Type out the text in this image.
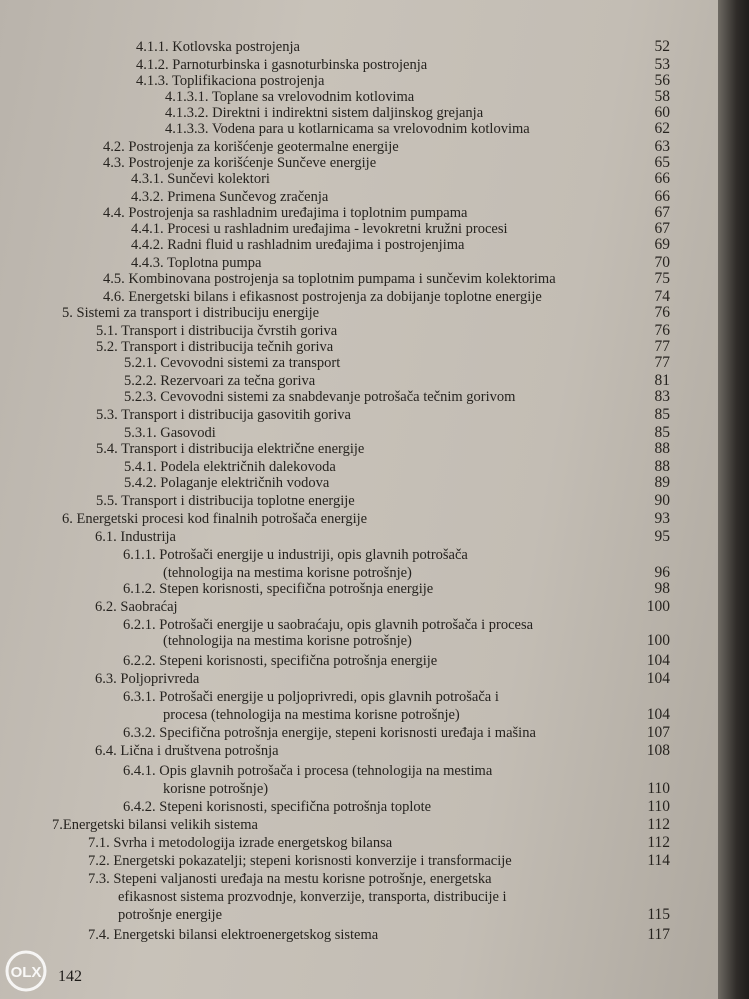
4.1.1. Kotlovska postrojenja	52
4.1.2. Parnoturbinska i gasnoturbinska postrojenja	53
4.1.3. Toplifikaciona postrojenja	56
4.1.3.1. Toplane sa vrelovodnim kotlovima	58
4.1.3.2. Direktni i indirektni sistem daljinskog grejanja	60
4.1.3.3. Vodena para u kotlarnicama sa vrelovodnim kotlovima	62
4.2. Postrojenja za korišćenje geotermalne energije	63
4.3. Postrojenje za korišćenje Sunčeve energije	65
4.3.1. Sunčevi kolektori	66
4.3.2. Primena Sunčevog zračenja	66
4.4. Postrojenja sa rashladnim uređajima i toplotnim pumpama	67
4.4.1. Procesi u rashladnim uređajima - levokretni kružni procesi	67
4.4.2. Radni fluid u rashladnim uređajima i postrojenjima	69
4.4.3. Toplotna pumpa	70
4.5. Kombinovana postrojenja sa toplotnim pumpama i sunčevim kolektorima	75
4.6. Energetski bilans i efikasnost postrojenja za dobijanje toplotne energije	74
5. Sistemi za transport i distribuciju energije	76
5.1. Transport i distribucija čvrstih goriva	76
5.2. Transport i distribucija tečnih goriva	77
5.2.1. Cevovodni sistemi za transport	77
5.2.2. Rezervoari za tečna goriva	81
5.2.3. Cevovodni sistemi za snabdevanje potrošača tečnim gorivom	83
5.3. Transport i distribucija gasovitih goriva	85
5.3.1. Gasovodi	85
5.4. Transport i distribucija električne energije	88
5.4.1. Podela električnih dalekovoda	88
5.4.2. Polaganje električnih vodova	89
5.5. Transport i distribucija toplotne energije	90
6. Energetski procesi kod finalnih potrošača energije	93
6.1. Industrija	95
6.1.1. Potrošači energije u industriji, opis glavnih potrošača
(tehnologija na mestima korisne potrošnje)	96
6.1.2. Stepen korisnosti, specifična potrošnja energije	98
6.2. Saobraćaj	100
6.2.1. Potrošači energije u saobraćaju, opis glavnih potrošača i procesa
(tehnologija na mestima korisne potrošnje)	100
6.2.2. Stepeni korisnosti, specifična potrošnja energije	104
6.3. Poljoprivreda	104
6.3.1. Potrošači energije u poljoprivredi, opis glavnih potrošača i
procesa (tehnologija na mestima korisne potrošnje)	104
6.3.2. Specifična potrošnja energije, stepeni korisnosti uređaja i mašina	107
6.4. Lična i društvena potrošnja	108
6.4.1. Opis glavnih potrošača i procesa (tehnologija na mestima
korisne potrošnje)	110
6.4.2. Stepeni korisnosti, specifična potrošnja toplote	110
7.Energetski bilansi velikih sistema	112
7.1. Svrha i metodologija izrade energetskog bilansa	112
7.2. Energetski pokazatelji; stepeni korisnosti konverzije i transformacije	114
7.3. Stepeni valjanosti uređaja na mestu korisne potrošnje, energetska
efikasnost sistema prozvodnje, konverzije, transporta, distribucije i
potrošnje energije	115
7.4. Energetski bilansi elektroenergetskog sistema	117
142
OLX
